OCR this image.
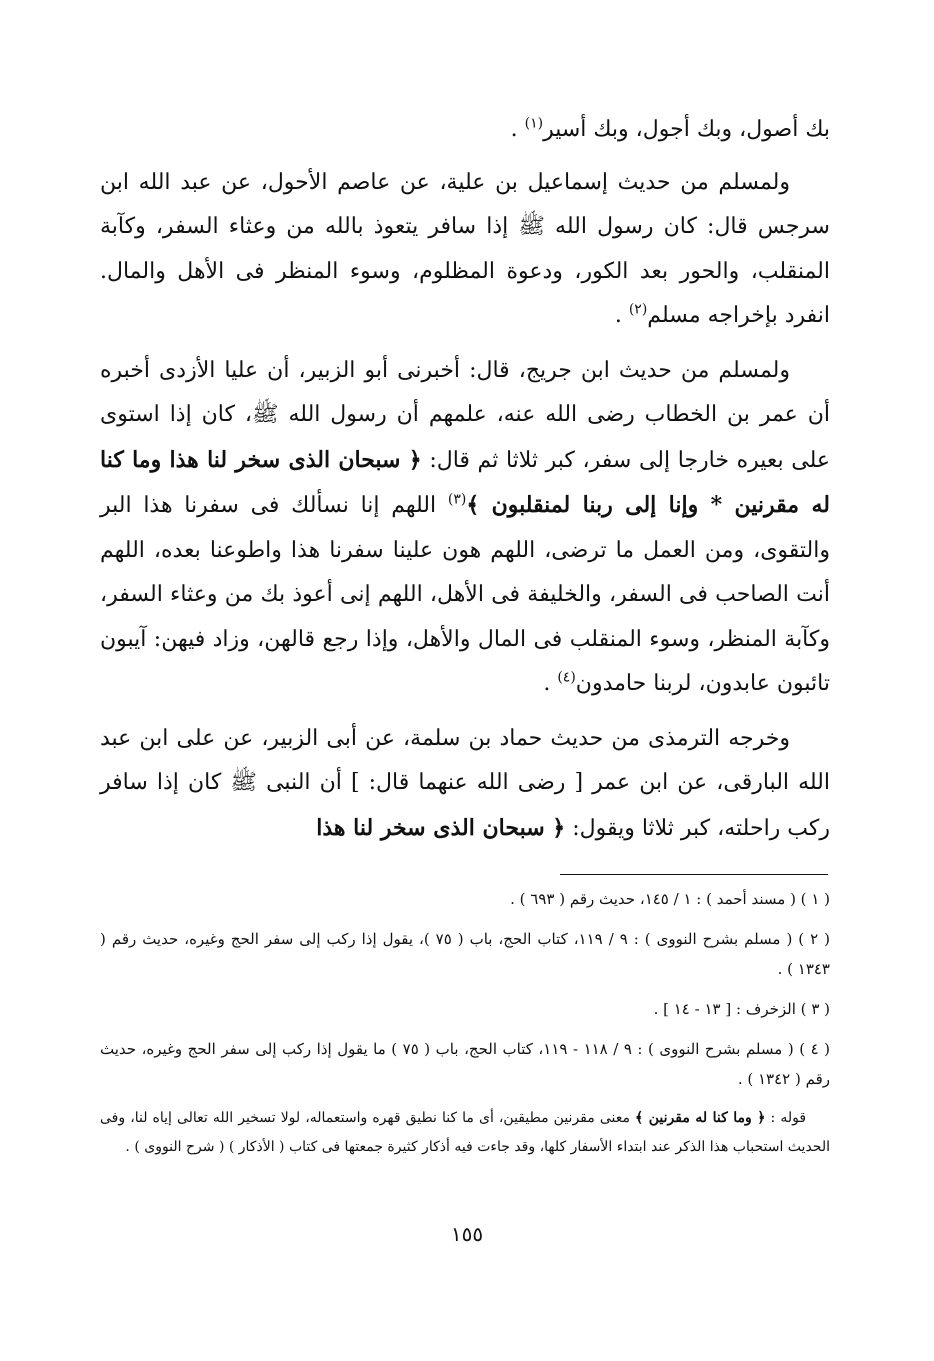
بك أصول، وبك أجول، وبك أسير$^{(١)}$ .

ولمسلم من حديث إسماعيل بن علية، عن عاصم الأحول، عن عبد الله ابن سرجس قال: كان رسول الله ﷺ إذا سافر يتعوذ بالله من وعثاء السفر، وكآبة المنقلب، والحور بعد الكور، ودعوة المظلوم، وسوء المنظر فى الأهل والمال. انفرد بإخراجه مسلم$^{(٢)}$ .

ولمسلم من حديث ابن جريج، قال: أخبرنى أبو الزبير، أن عليا الأزدى أخبره أن عمر بن الخطاب رضى الله عنه، علمهم أن رسول الله ﷺ، كان إذا استوى على بعيره خارجا إلى سفر، كبر ثلاثا ثم قال: ﴿ سبحان الذى سخر لنا هذا وما كنا له مقرنين * وإنا إلى ربنا لمنقلبون ﴾$^{(٣)}$ اللهم إنا نسألك فى سفرنا هذا البر والتقوى، ومن العمل ما ترضى، اللهم هون علينا سفرنا هذا واطوعنا بعده، اللهم أنت الصاحب فى السفر، والخليفة فى الأهل، اللهم إنى أعوذ بك من وعثاء السفر، وكآبة المنظر، وسوء المنقلب فى المال والأهل، وإذا رجع قالهن، وزاد فيهن: آيبون تائبون عابدون، لربنا حامدون$^{(٤)}$ .

وخرجه الترمذى من حديث حماد بن سلمة، عن أبى الزبير، عن على ابن عبد الله البارقى، عن ابن عمر [ رضى الله عنهما قال: ] أن النبى ﷺ كان إذا سافر ركب راحلته، كبر ثلاثا ويقول: ﴿ سبحان الذى سخر لنا هذا

( ١ ) ( مسند أحمد ) : ١ / ١٤٥، حديث رقم ( ٦٩٣ ) .

( ٢ ) ( مسلم بشرح النووى ) : ٩ / ١١٩، كتاب الحج، باب ( ٧٥ )، يقول إذا ركب إلى سفر الحج وغيره، حديث رقم ( ١٣٤٣ ) .

( ٣ ) الزخرف : [ ١٣ - ١٤ ] .

( ٤ ) ( مسلم بشرح النووى ) : ٩ / ١١٨ - ١١٩، كتاب الحج، باب ( ٧٥ ) ما يقول إذا ركب إلى سفر الحج وغيره، حديث رقم ( ١٣٤٢ ) .

قوله : ﴿ وما كنا له مقرنين ﴾ معنى مقرنين مطيقين، أى ما كنا نطيق قهره واستعماله، لولا تسخير الله تعالى إياه لنا، وفى الحديث استحباب هذا الذكر عند ابتداء الأسفار كلها، وقد جاءت فيه أذكار كثيرة جمعتها فى كتاب ( الأذكار ) ( شرح النووى ) .

١٥٥
